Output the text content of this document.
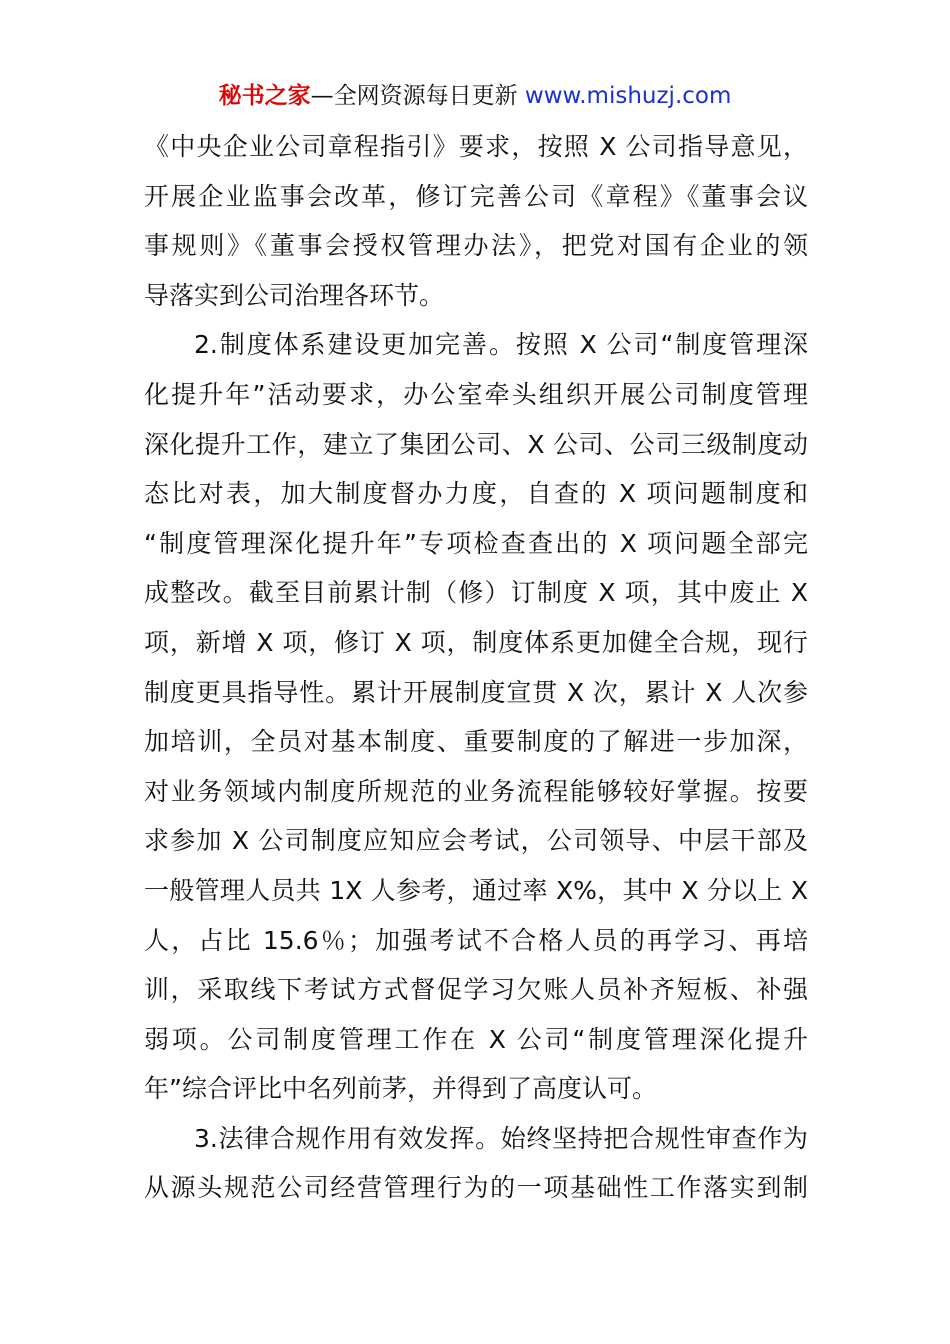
秘书之家—全网资源每日更新 www.mishuzj.com
《中央企业公司章程指引》要求，按照 X 公司指导意见，
开展企业监事会改革，修订完善公司《章程》《董事会议
事规则》《董事会授权管理办法》，把党对国有企业的领
导落实到公司治理各环节。
2.制度体系建设更加完善。按照 X 公司“制度管理深
化提升年”活动要求，办公室牵头组织开展公司制度管理
深化提升工作，建立了集团公司、X 公司、公司三级制度动
态比对表，加大制度督办力度，自查的 X 项问题制度和
“制度管理深化提升年”专项检查查出的 X 项问题全部完
成整改。截至目前累计制（修）订制度 X 项，其中废止 X
项，新增 X 项，修订 X 项，制度体系更加健全合规，现行
制度更具指导性。累计开展制度宣贯 X 次，累计 X 人次参
加培训，全员对基本制度、重要制度的了解进一步加深，
对业务领域内制度所规范的业务流程能够较好掌握。按要
求参加 X 公司制度应知应会考试，公司领导、中层干部及
一般管理人员共 1X 人参考，通过率 X%，其中 X 分以上 X
人，占比 15.6％；加强考试不合格人员的再学习、再培
训，采取线下考试方式督促学习欠账人员补齐短板、补强
弱项。公司制度管理工作在 X 公司“制度管理深化提升
年”综合评比中名列前茅，并得到了高度认可。
3.法律合规作用有效发挥。始终坚持把合规性审查作为
从源头规范公司经营管理行为的一项基础性工作落实到制
